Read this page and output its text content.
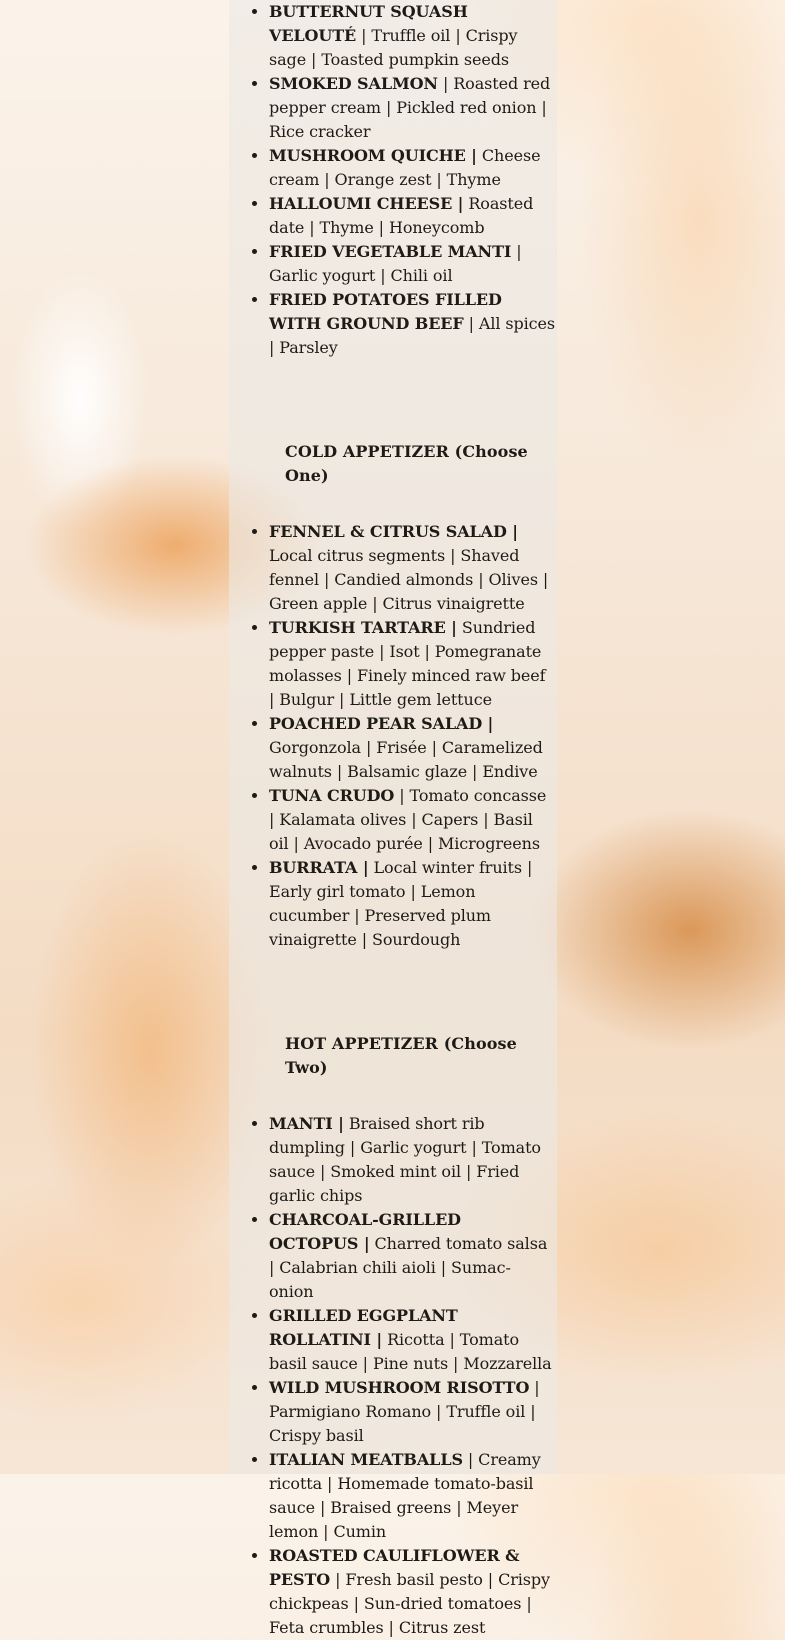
• BUTTERNUT SQUASH VELOUTÉ | Truffle oil | Crispy sage | Toasted pumpkin seeds
• SMOKED SALMON | Roasted red pepper cream | Pickled red onion | Rice cracker
• MUSHROOM QUICHE | Cheese cream | Orange zest | Thyme
• HALLOUMI CHEESE | Roasted date | Thyme | Honeycomb
• FRIED VEGETABLE MANTI | Garlic yogurt | Chili oil
• FRIED POTATOES FILLED WITH GROUND BEEF | All spices | Parsley
COLD APPETIZER (Choose One)
• FENNEL & CITRUS SALAD | Local citrus segments | Shaved fennel | Candied almonds | Olives | Green apple | Citrus vinaigrette
• TURKISH TARTARE | Sundried pepper paste | Isot | Pomegranate molasses | Finely minced raw beef | Bulgur | Little gem lettuce
• POACHED PEAR SALAD | Gorgonzola | Frisée | Caramelized walnuts | Balsamic glaze | Endive
• TUNA CRUDO | Tomato concasse | Kalamata olives | Capers | Basil oil | Avocado purée | Microgreens
• BURRATA | Local winter fruits | Early girl tomato | Lemon cucumber | Preserved plum vinaigrette | Sourdough
HOT APPETIZER (Choose Two)
• MANTI | Braised short rib dumpling | Garlic yogurt | Tomato sauce | Smoked mint oil | Fried garlic chips
• CHARCOAL-GRILLED OCTOPUS | Charred tomato salsa | Calabrian chili aioli | Sumac-onion
• GRILLED EGGPLANT ROLLATINI | Ricotta | Tomato basil sauce | Pine nuts | Mozzarella
• WILD MUSHROOM RISOTTO | Parmigiano Romano | Truffle oil | Crispy basil
• ITALIAN MEATBALLS | Creamy ricotta | Homemade tomato-basil sauce | Braised greens | Meyer lemon | Cumin
• ROASTED CAULIFLOWER & PESTO | Fresh basil pesto | Crispy chickpeas | Sun-dried tomatoes | Feta crumbles | Citrus zest
